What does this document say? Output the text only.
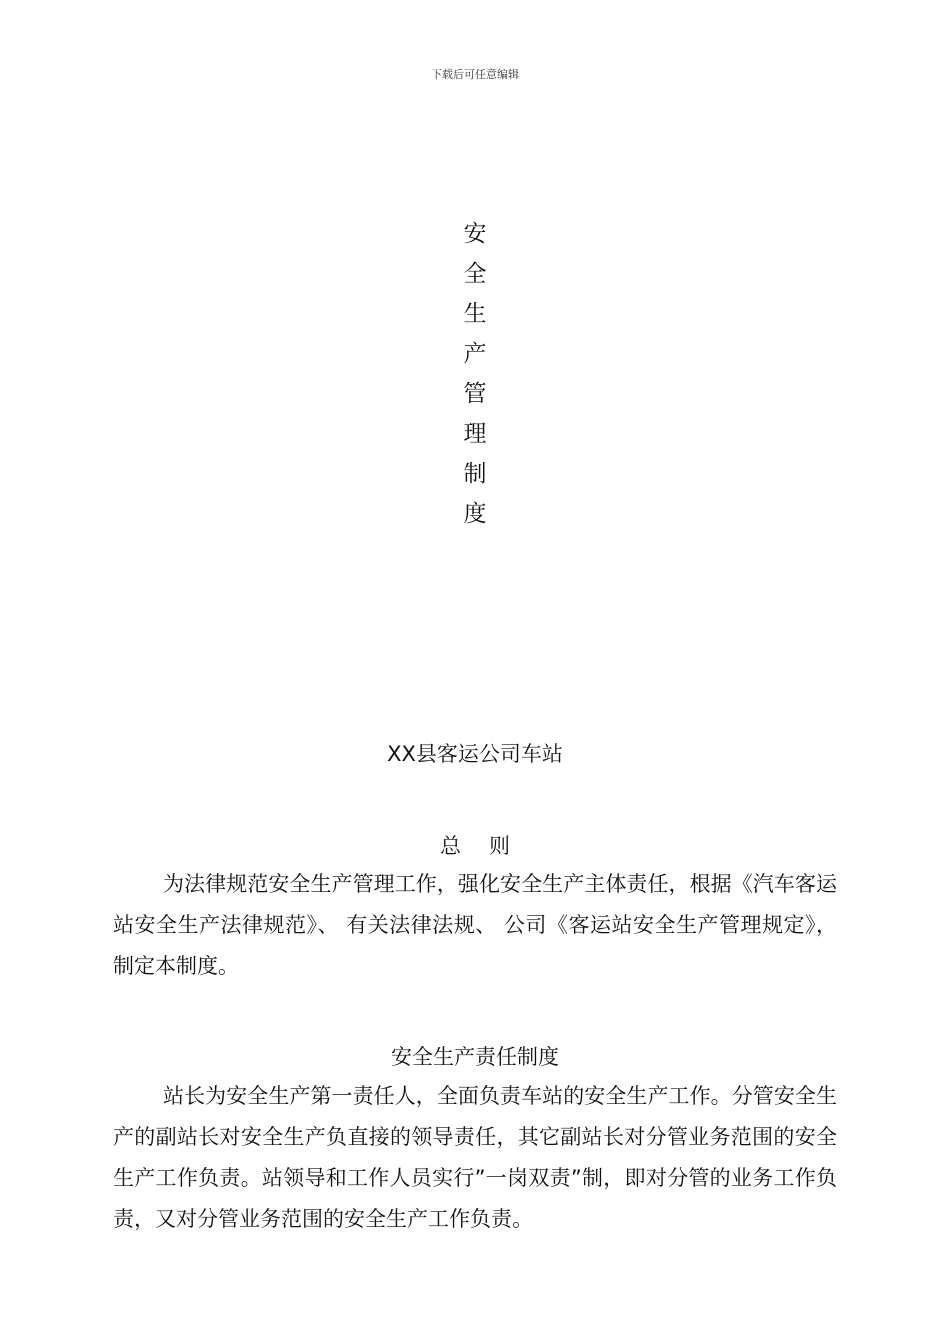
下载后可任意编辑
安
全
生
产
管
理
制
度
XX县客运公司车站
总则

为法律规范安全生产管理工作，强化安全生产主体责任，根据《汽车客运站安全生产法律规范》、 有关法律法规、 公司《客运站安全生产管理规定》，制定本制度。

安全生产责任制度

站长为安全生产第一责任人，全面负责车站的安全生产工作。分管安全生产的副站长对安全生产负直接的领导责任，其它副站长对分管业务范围的安全生产工作负责。站领导和工作人员实行”一岗双责”制，即对分管的业务工作负责，又对分管业务范围的安全生产工作负责。
